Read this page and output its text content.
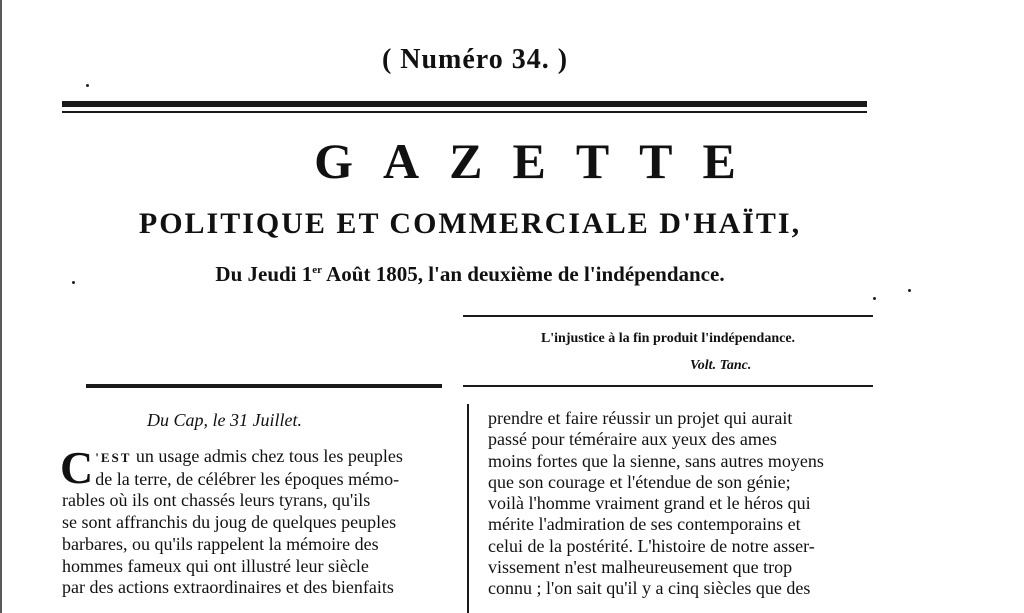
( Numéro 34. )
GAZETTE
POLITIQUE ET COMMERCIALE D'HAÏTI,
Du Jeudi 1er Août 1805, l'an deuxième de l'indépendance.
L'injustice à la fin produit l'indépendance.
Volt. Tanc.
Du Cap, le 31 Juillet.
C 'EST un usage admis chez tous les peuples
de la terre, de célébrer les époques mémo-
rables où ils ont chassés leurs tyrans, qu'ils
se sont affranchis du joug de quelques peuples
barbares, ou qu'ils rappelent la mémoire des
hommes fameux qui ont illustré leur siècle
par des actions extraordinaires et des bienfaits
prendre et faire réussir un projet qui aurait
passé pour téméraire aux yeux des ames
moins fortes que la sienne, sans autres moyens
que son courage et l'étendue de son génie;
voilà l'homme vraiment grand et le héros qui
mérite l'admiration de ses contemporains et
celui de la postérité. L'histoire de notre asser-
vissement n'est malheureusement que trop
connu ; l'on sait qu'il y a cinq siècles que des
